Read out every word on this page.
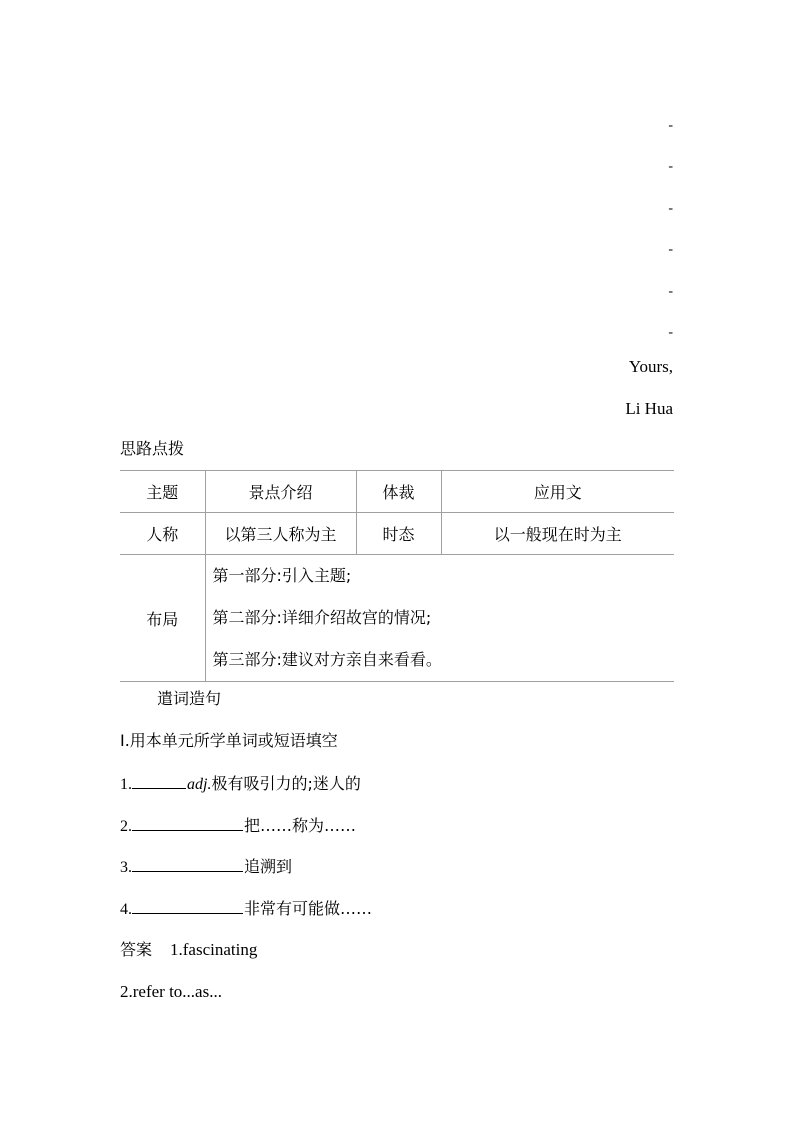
-
-
-
-
-
-
Yours,
Li Hua
思路点拨
主题	景点介绍	体裁	应用文
人称	以第三人称为主	时态	以一般现在时为主
布局	第一部分:引入主题;
第二部分:详细介绍故宫的情况;
第三部分:建议对方亲自来看看。		
遣词造句
Ⅰ.用本单元所学单词或短语填空
1.	adj.极有吸引力的;迷人的
2.	把……称为……
3.	追溯到
4.	非常有可能做……
答案 1.fascinating
2.refer to...as...
